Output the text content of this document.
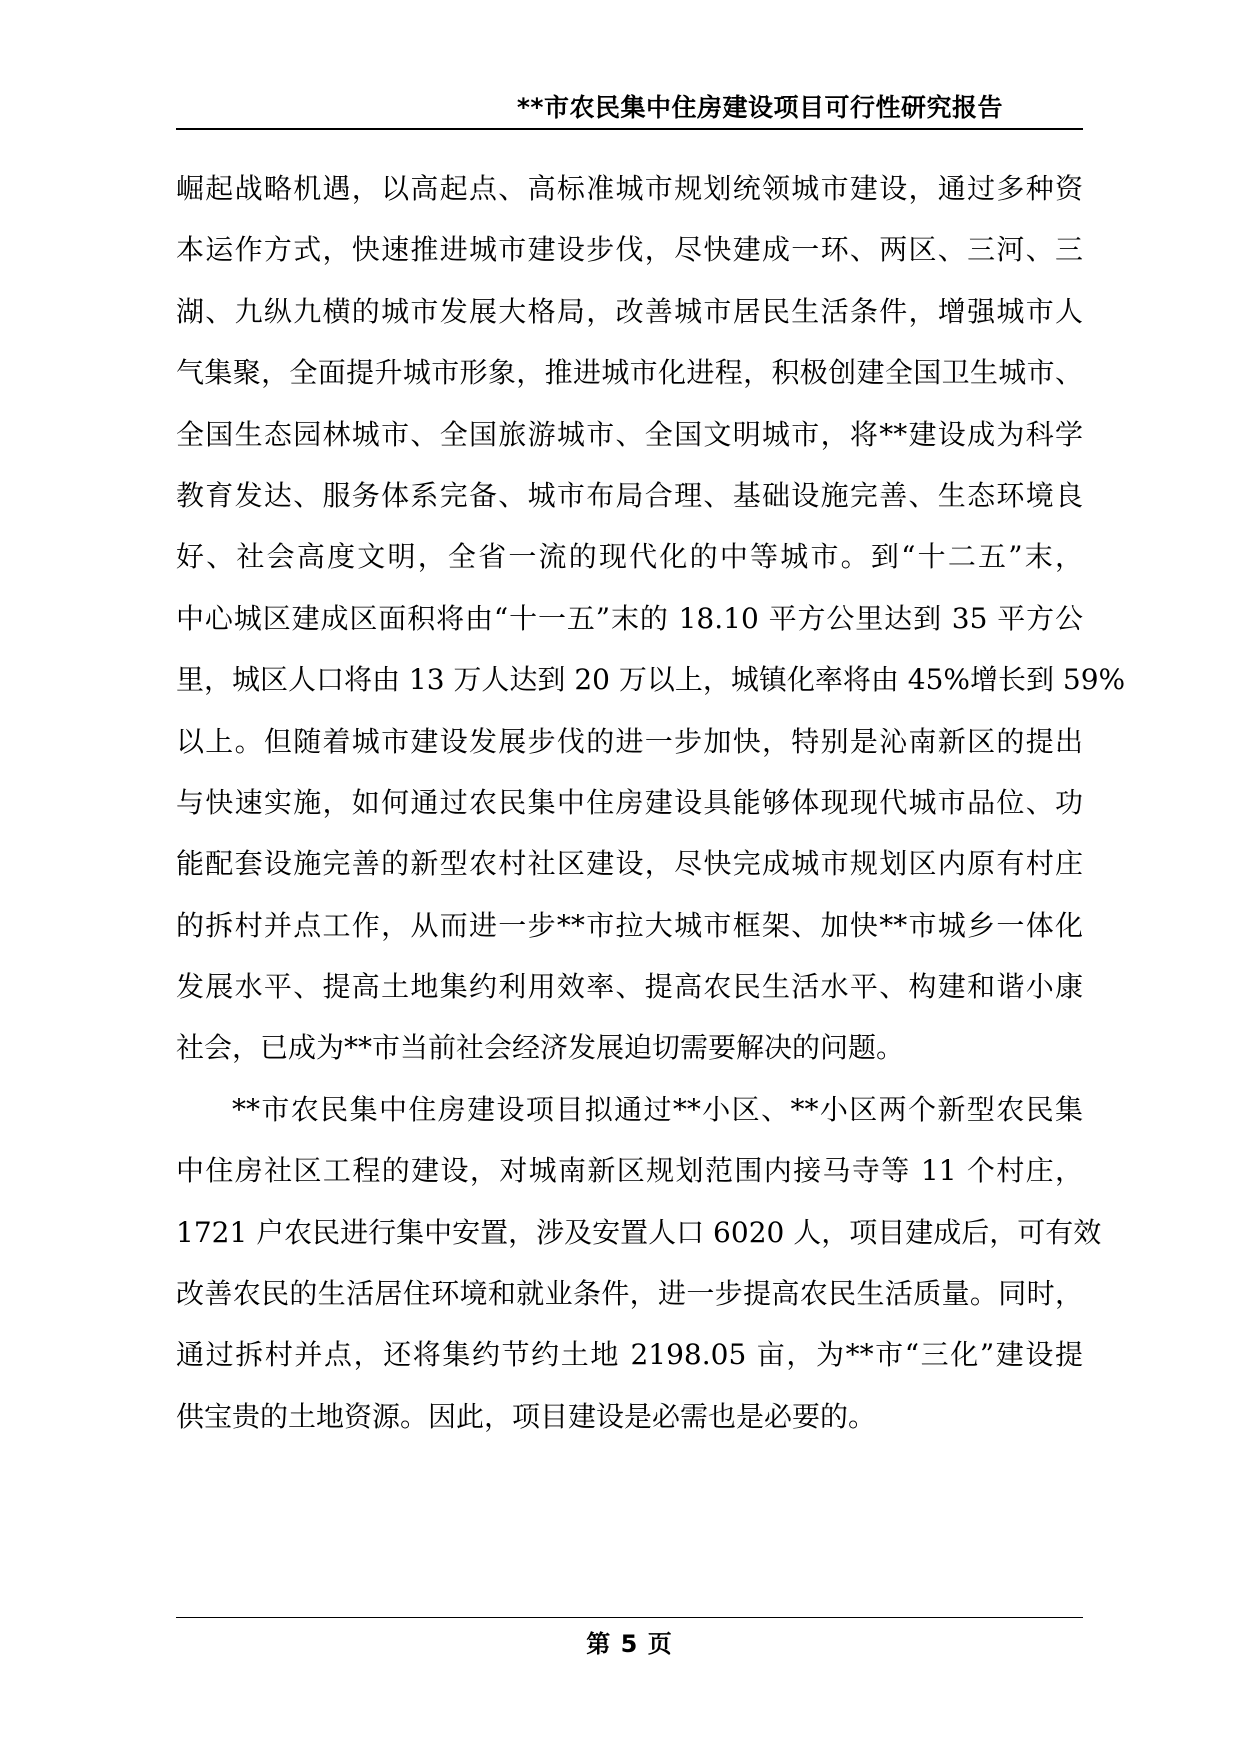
**市农民集中住房建设项目可行性研究报告
崛起战略机遇，以高起点、高标准城市规划统领城市建设，通过多种资
本运作方式，快速推进城市建设步伐，尽快建成一环、两区、三河、三
湖、九纵九横的城市发展大格局，改善城市居民生活条件，增强城市人
气集聚，全面提升城市形象，推进城市化进程，积极创建全国卫生城市、
全国生态园林城市、全国旅游城市、全国文明城市，将**建设成为科学
教育发达、服务体系完备、城市布局合理、基础设施完善、生态环境良
好、社会高度文明，全省一流的现代化的中等城市。到“十二五”末，
中心城区建成区面积将由“十一五”末的 18.10 平方公里达到 35 平方公
里，城区人口将由 13 万人达到 20 万以上，城镇化率将由 45%增长到 59%
以上。但随着城市建设发展步伐的进一步加快，特别是沁南新区的提出
与快速实施，如何通过农民集中住房建设具能够体现现代城市品位、功
能配套设施完善的新型农村社区建设，尽快完成城市规划区内原有村庄
的拆村并点工作，从而进一步**市拉大城市框架、加快**市城乡一体化
发展水平、提高土地集约利用效率、提高农民生活水平、构建和谐小康
社会，已成为**市当前社会经济发展迫切需要解决的问题。
**市农民集中住房建设项目拟通过**小区、**小区两个新型农民集
中住房社区工程的建设，对城南新区规划范围内接马寺等 11 个村庄，
1721 户农民进行集中安置，涉及安置人口 6020 人，项目建成后，可有效
改善农民的生活居住环境和就业条件，进一步提高农民生活质量。同时，
通过拆村并点，还将集约节约土地 2198.05 亩，为**市“三化”建设提
供宝贵的土地资源。因此，项目建设是必需也是必要的。
第 5 页
